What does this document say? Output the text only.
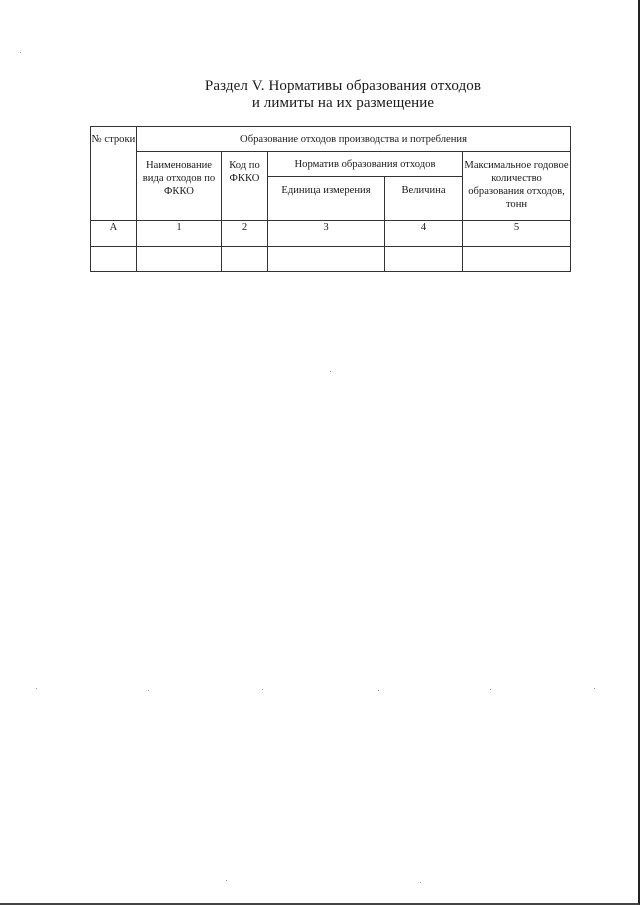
Раздел V. Нормативы образования отходов
и лимиты на их размещение
№ строки	Образование отходов производства и потребления				
	Наименование вида отходов по ФККО	Код по ФККО	Норматив образования отходов		Максимальное годовое количество образования отходов, тонн
			Единица измерения	Величина	
А	1	2	3	4	5
